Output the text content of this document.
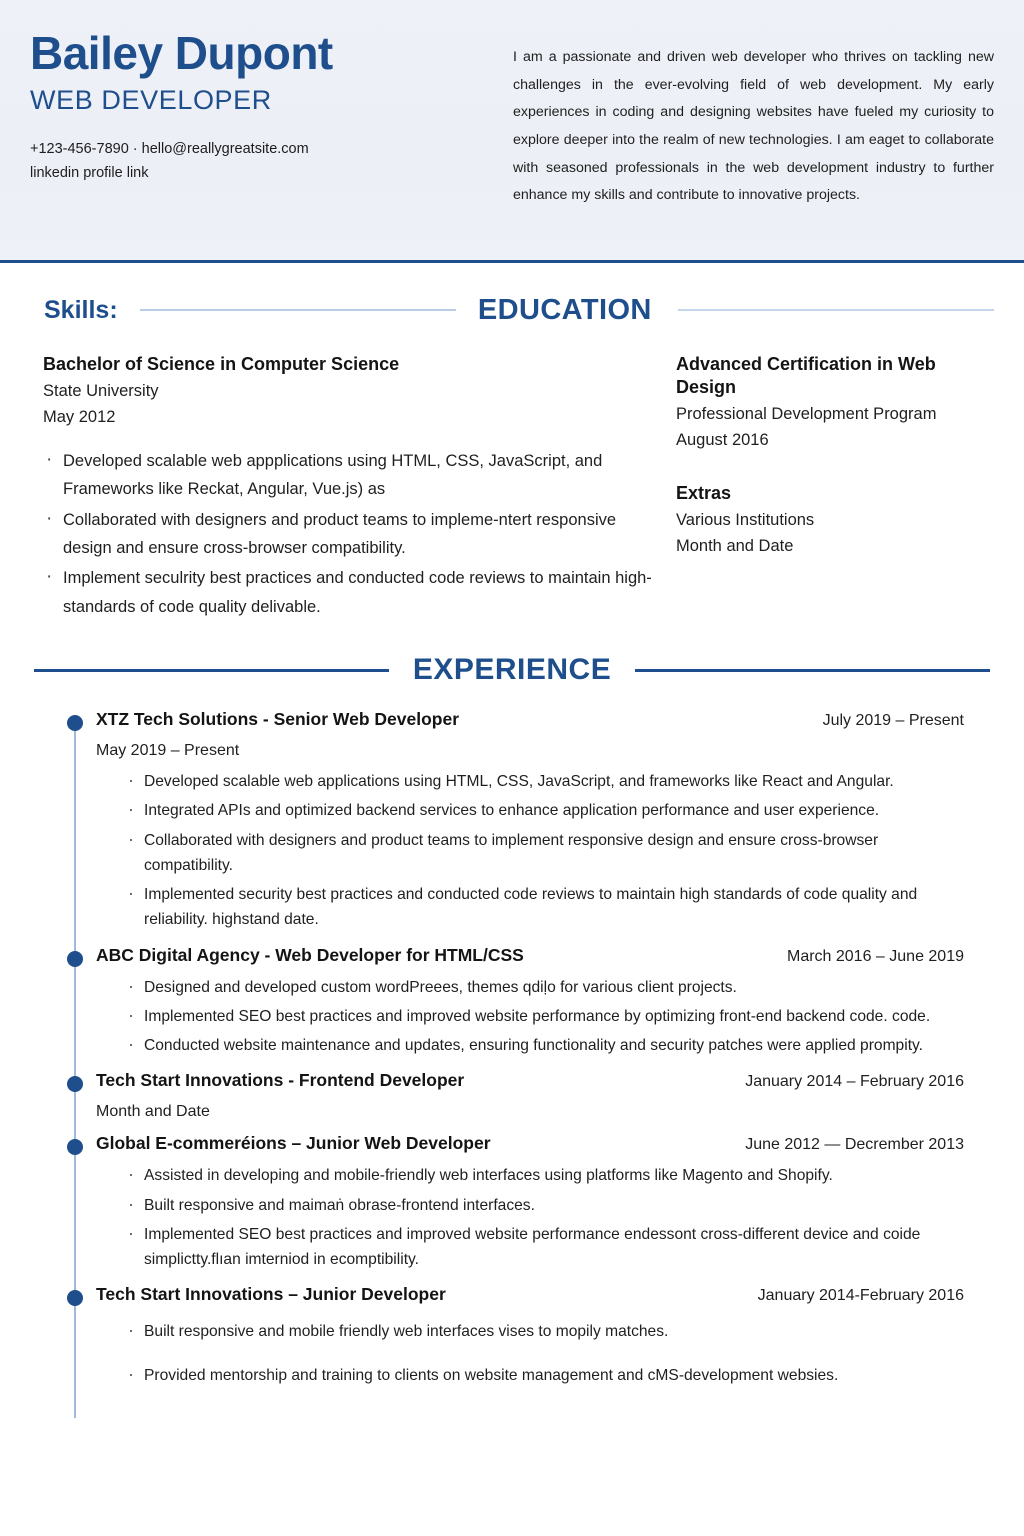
Bailey Dupont
WEB DEVELOPER
+123-456-7890 · hello@reallygreatsite.com
linkedin profile link

I am a passionate and driven web developer who thrives on tackling new challenges in the ever-evolving field of web development. My early experiences in coding and designing websites have fueled my curiosity to explore deeper into the realm of new technologies. I am eaget to collaborate with seasoned professionals in the web development industry to further enhance my skills and contribute to innovative projects.

Skills:	EDUCATION
Bachelor of Science in Computer Science
State University
May 2012
· Developed scalable web appplications using HTML, CSS, JavaScript, and Frameworks like Reckat, Angular, Vue.js) as
· Collaborated with designers and product teams to impleme-ntert responsive design and ensure cross-browser compatibility.
· Implement seculrity best practices and conducted code reviews to maintain high-standards of code quality delivable.
Advanced Certification in Web Design
Professional Development Program
August 2016
Extras
Various Institutions
Month and Date
EXPERIENCE
XTZ Tech Solutions - Senior Web Developer	July 2019 – Present
May 2019 – Present
· Developed scalable web applications using HTML, CSS, JavaScript, and frameworks like React and Angular.
· Integrated APIs and optimized backend services to enhance application performance and user experience.
· Collaborated with designers and product teams to implement responsive design and ensure cross-browser compatibility.
· Implemented security best practices and conducted code reviews to maintain high standards of code quality and reliability. highstand date.
ABC Digital Agency - Web Developer for HTML/CSS	March 2016 – June 2019
· Designed and developed custom wordPreees, themes qdiḷo for various client projects.
· Implemented SEO best practices and improved website performance by optimizing front-end backend code. code.
· Conducted website maintenance and updates, ensuring functionality and security patches were applied prompity.
Tech Start Innovations - Frontend Developer	January 2014 – February 2016
Month and Date
Global E-commeréions – Junior Web Developer	June 2012 — Decrember 2013
· Assisted in developing and mobile-friendly web interfaces using platforms like Magento and Shopify.
· Built responsive and maimaṅ obrase-frontend interfaces.
· Implemented SEO best practices and improved website performance endessont cross-different device and coide simplictty.flıan imterniod in ecomptibility.
Tech Start Innovations – Junior Developer	January 2014-February 2016
· Built responsive and mobile friendly web interfaces vises to mopily matches.
· Provided mentorship and training to clients on website management and cMS-development websies.
